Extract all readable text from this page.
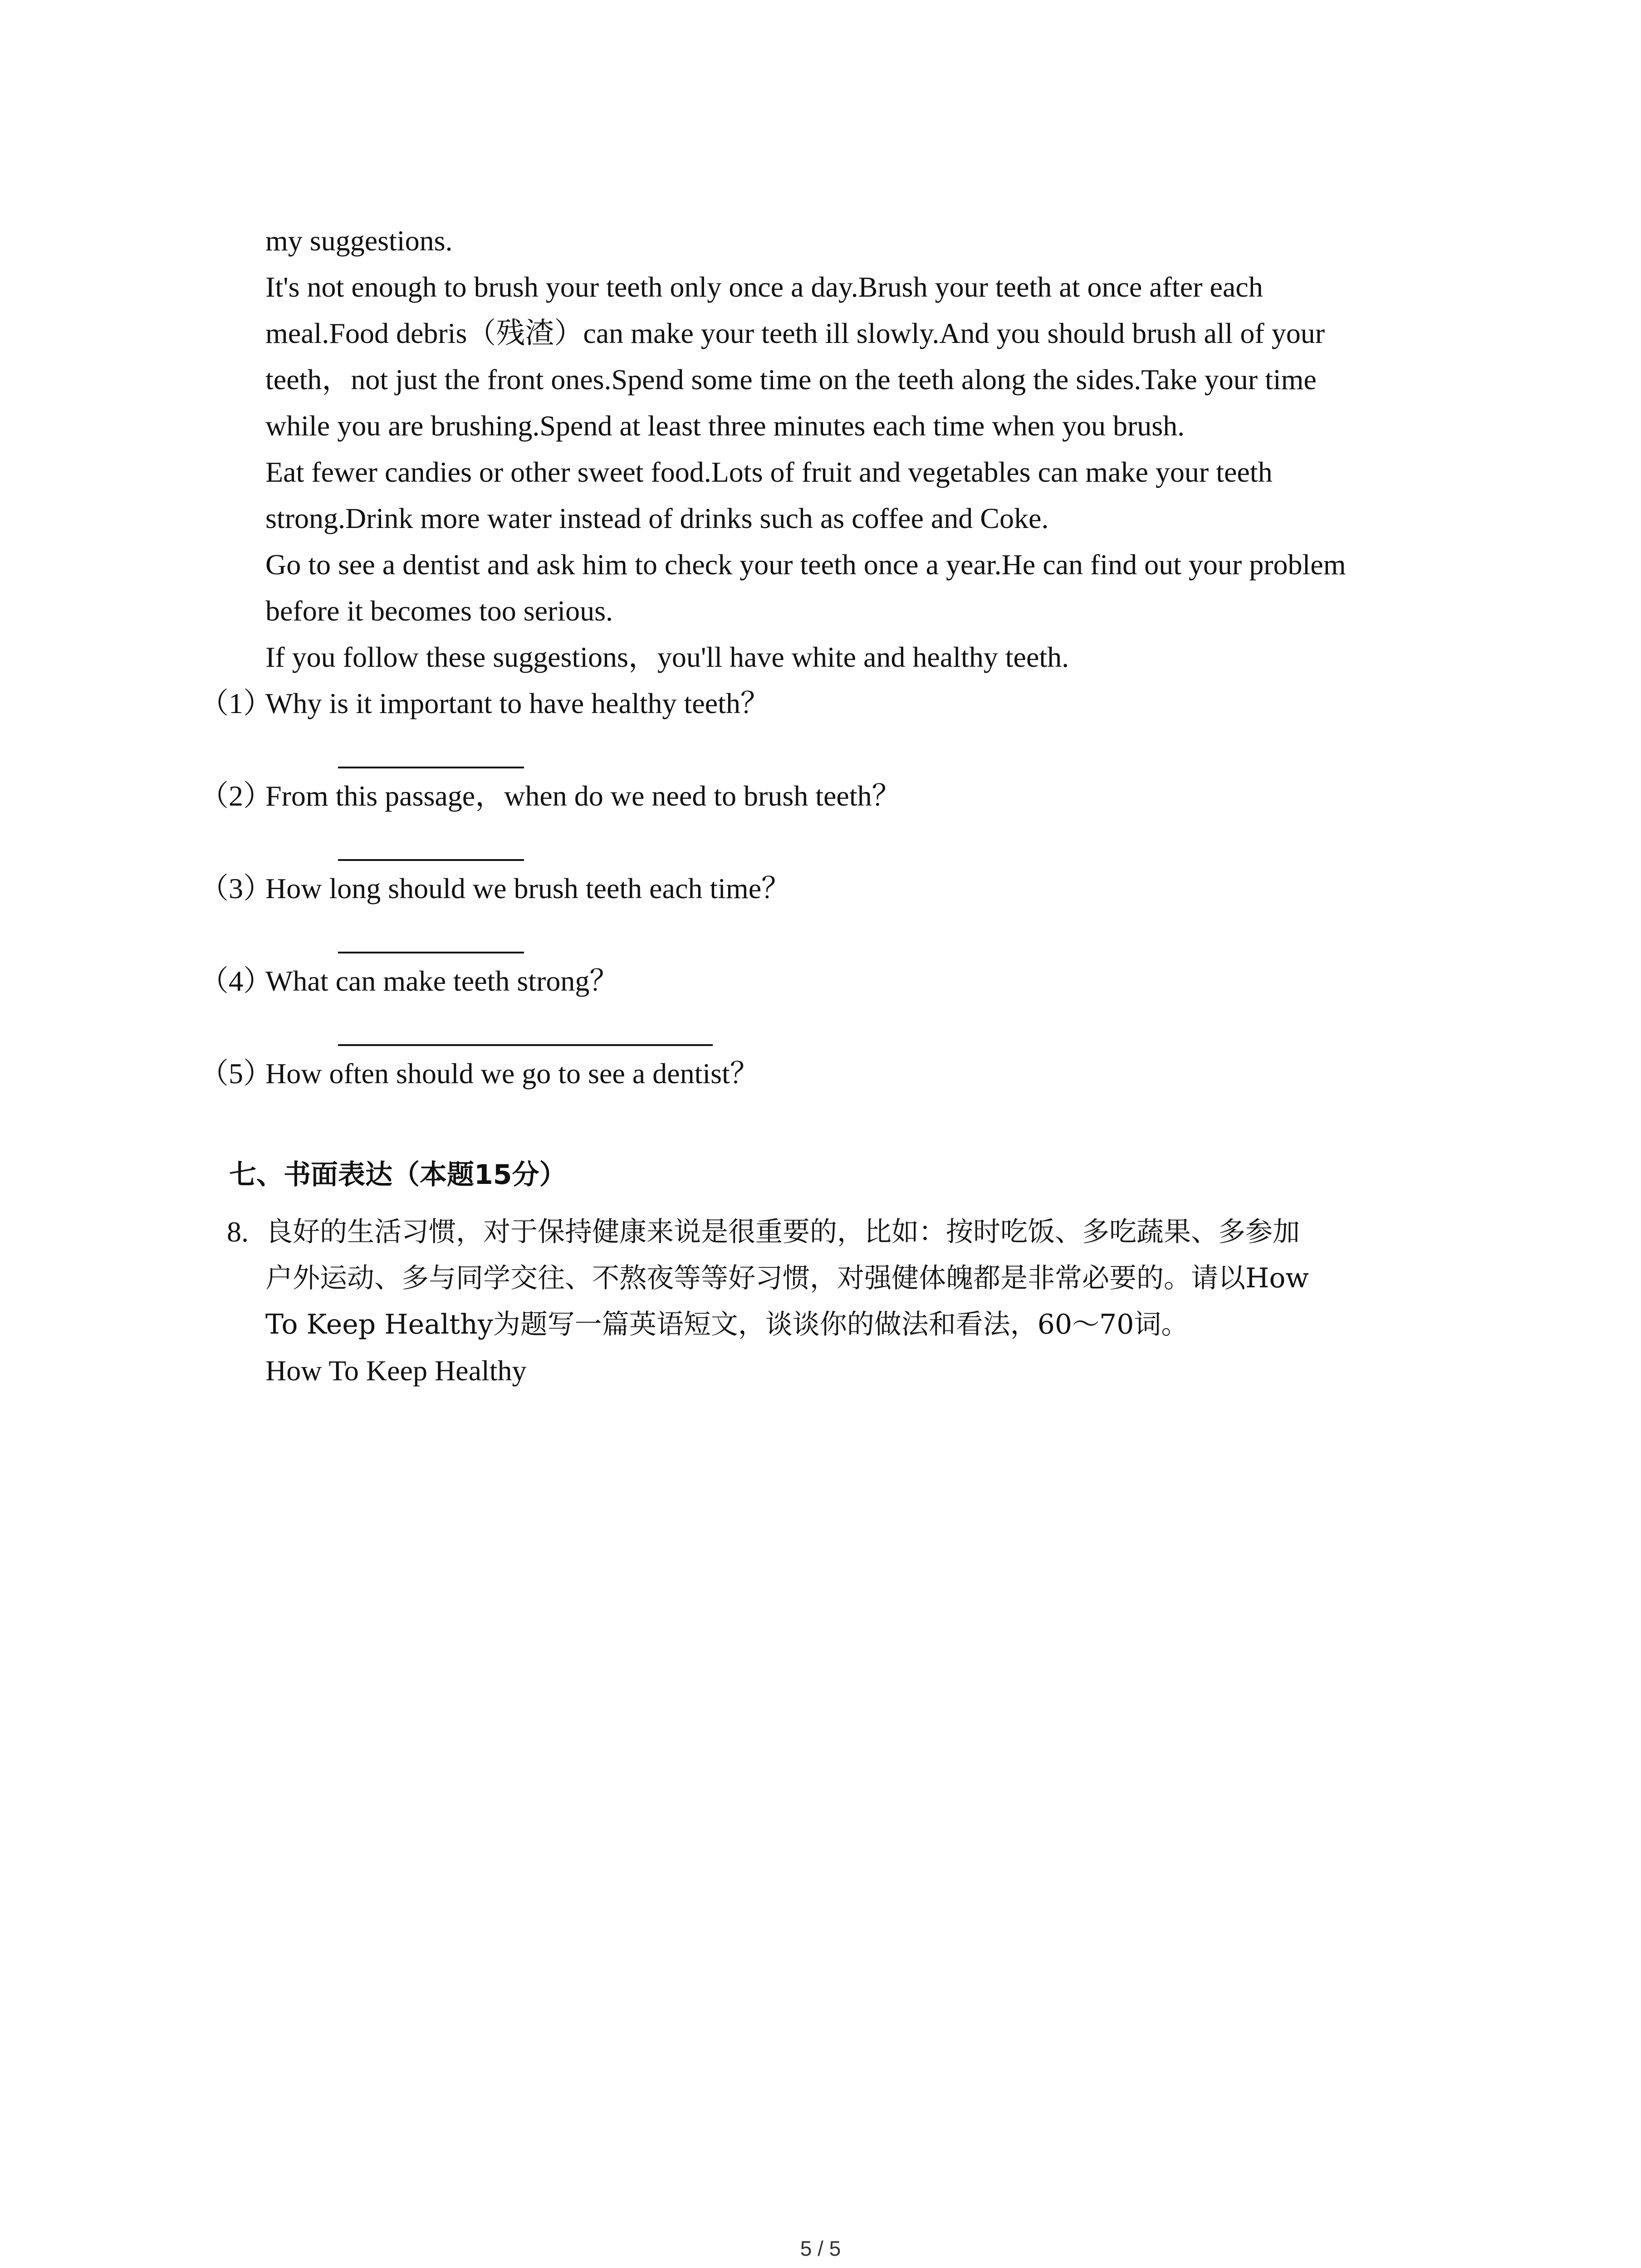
my suggestions.

It's not enough to brush your teeth only once a day.Brush your teeth at once after each

meal.Food debris（残渣）can make your teeth ill slowly.And you should brush all of your

teeth，not just the front ones.Spend some time on the teeth along the sides.Take your time

while you are brushing.Spend at least three minutes each time when you brush.

Eat fewer candies or other sweet food.Lots of fruit and vegetables can make your teeth

strong.Drink more water instead of drinks such as coffee and Coke.

Go to see a dentist and ask him to check your teeth once a year.He can find out your problem

before it becomes too serious.

If you follow these suggestions，you'll have white and healthy teeth.

（1）
Why is it important to have healthy teeth？
（2）
From this passage，when do we need to brush teeth？
（3）
How long should we brush teeth each time？
（4）
What can make teeth strong？
（5）
How often should we go to see a dentist？
七、书面表达（本题15分）
8. 良好的生活习惯，对于保持健康来说是很重要的，比如：按时吃饭、多吃蔬果、多参加
户外运动、多与同学交往、不熬夜等等好习惯，对强健体魄都是非常必要的。请以How
To Keep Healthy为题写一篇英语短文，谈谈你的做法和看法，60～70词。
How To Keep Healthy
5 / 5
